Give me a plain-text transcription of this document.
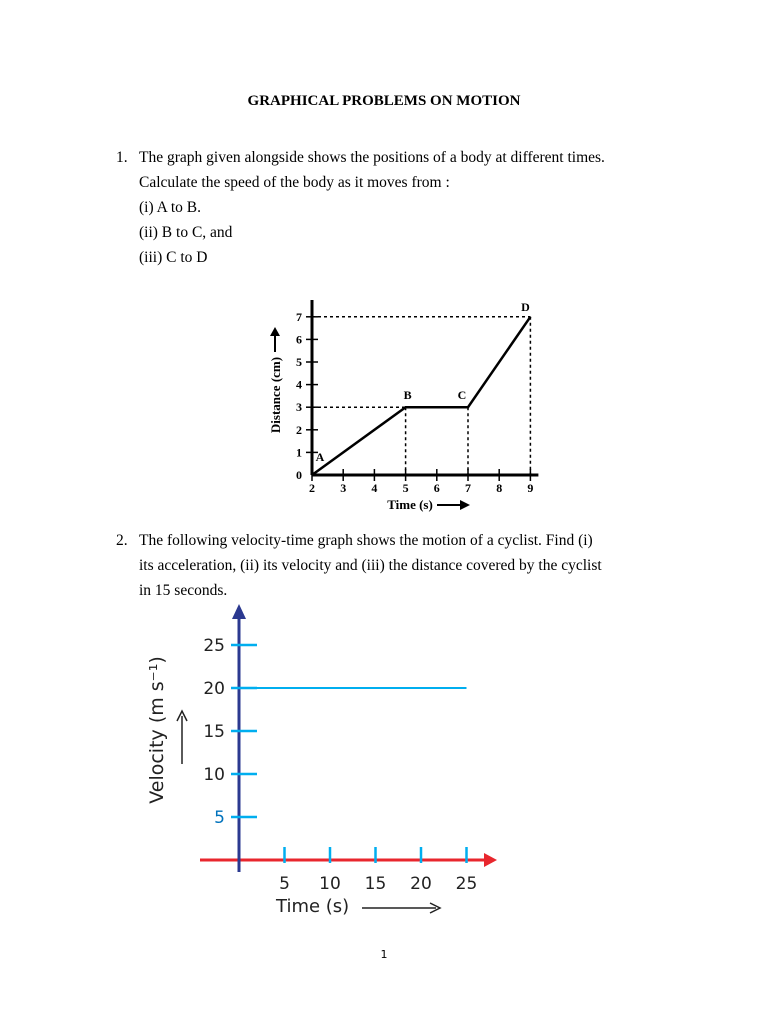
GRAPHICAL PROBLEMS ON MOTION
1. The graph given alongside shows the positions of a body at different times.
Calculate the speed of the body as it moves from :
(i) A to B.
(ii) B to C, and
(iii) C to D
2 3 4 5 6 7 8 9
0
1
2
3
4
5
6
7
A
B	C
D
Time (s)
Distance (cm)
2. The following velocity-time graph shows the motion of a cyclist. Find (i)
its acceleration, (ii) its velocity and (iii) the distance covered by the cyclist
in 15 seconds.
5 10 15 20 25
5
10
15
20
25
Time (s)
Velocity (m s⁻¹)
1
